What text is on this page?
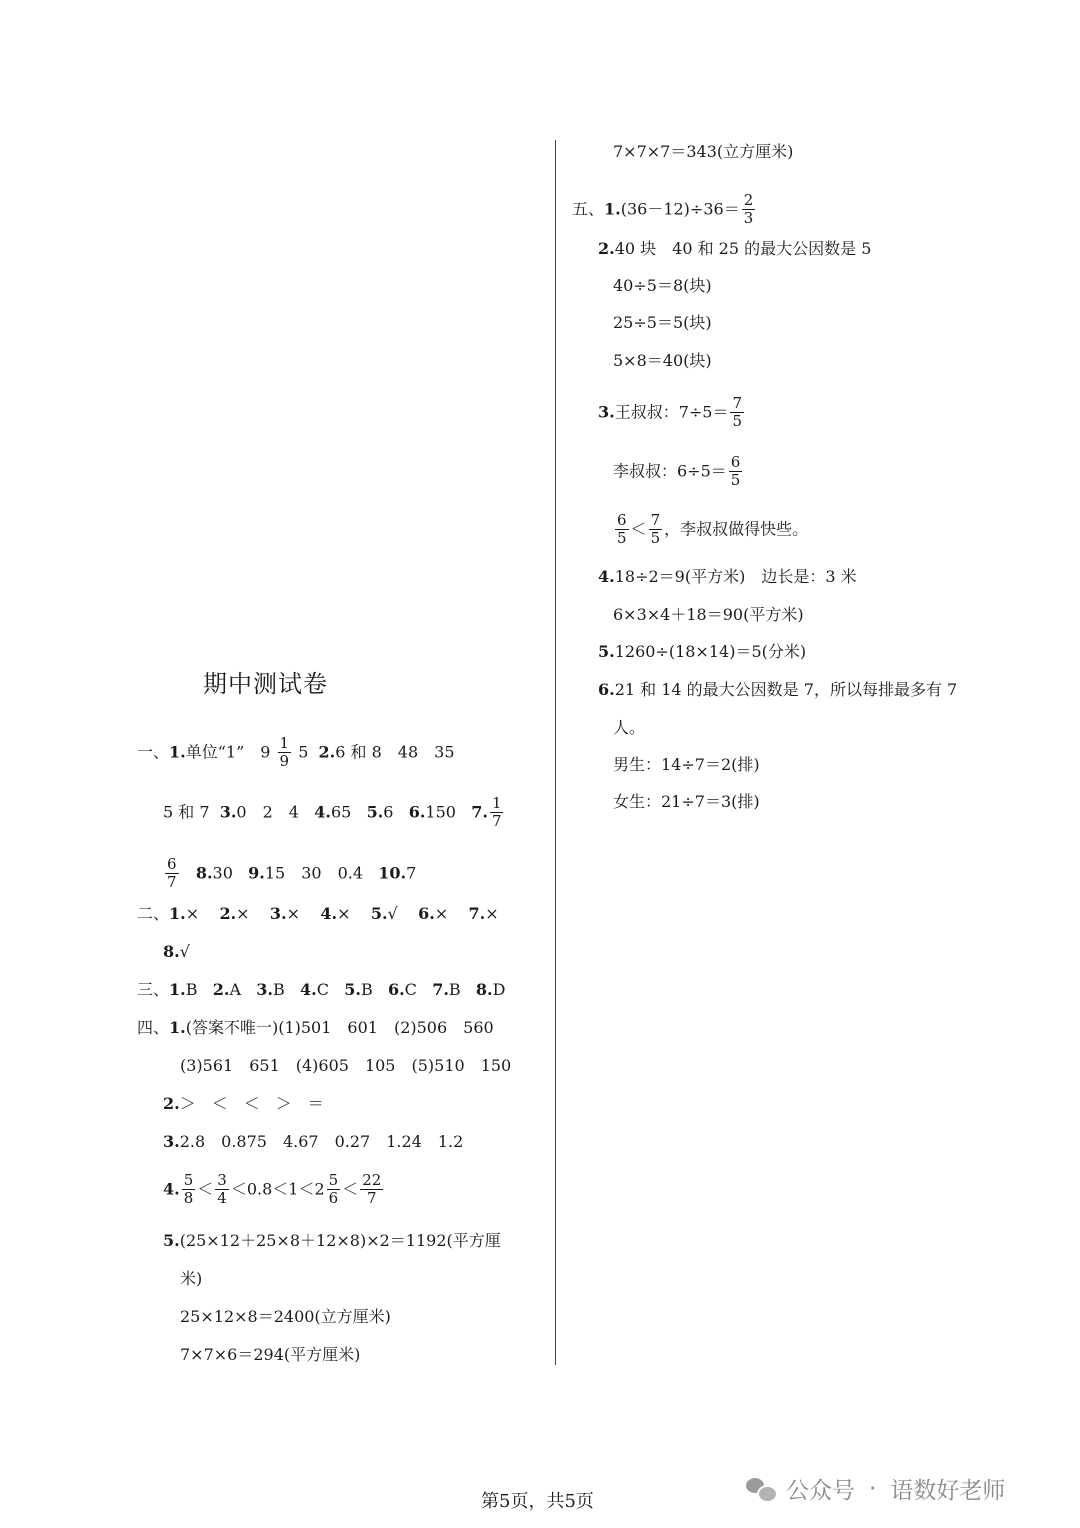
期中测试卷
一、1.单位“1”　$9 \frac{1}{9} 5$ 2.6 和 8　48　35
5 和 7 3.0　2　4 4.65 5.6 6.150 7. $\frac{1}{7}$
$\frac{6}{7} 8.30$ 9.15　30　0.4 10.7
二、1.× 2.× 3.× 4.× 5.√ 6.× 7.×
8.√
三、1.B 2.A 3.B 4.C 5.B 6.C 7.B 8.D
四、1.(答案不唯一)(1)501　601　(2)506　560
(3)561　651　(4)605　105　(5)510　150
2.＞　＜　＜　＞　＝
3.2.8　0.875　4.67　0.27　1.24　1.2
4. $\frac{5}{8} < \frac{3}{4} <0.8<1<2 \frac{5}{6} < \frac{22}{7}$
5.(25×12＋25×8＋12×8)×2＝1192(平方厘
米)
25×12×8＝2400(立方厘米)
7×7×6＝294(平方厘米)
7×7×7＝343(立方厘米)
五、$1.(36-12)\div 36= \frac{2}{3}$
2.40 块　40 和 25 的最大公因数是 5
40÷5＝8(块)
25÷5＝5(块)
5×8＝40(块)
3.王叔叔：$7\div 5= \frac{7}{5}$
李叔叔：$6\div 5= \frac{6}{5}$
$\frac{6}{5} < \frac{7}{5}$ ，李叔叔做得快些。
4.18÷2＝9(平方米)　边长是：3 米
6×3×4＋18＝90(平方米)
5.1260÷(18×14)＝5(分米)
6.21 和 14 的最大公因数是 7，所以每排最多有 7
人。
男生：14÷7＝2(排)
女生：21÷7＝3(排)
第5页，共5页	公众号 · 语数好老师
